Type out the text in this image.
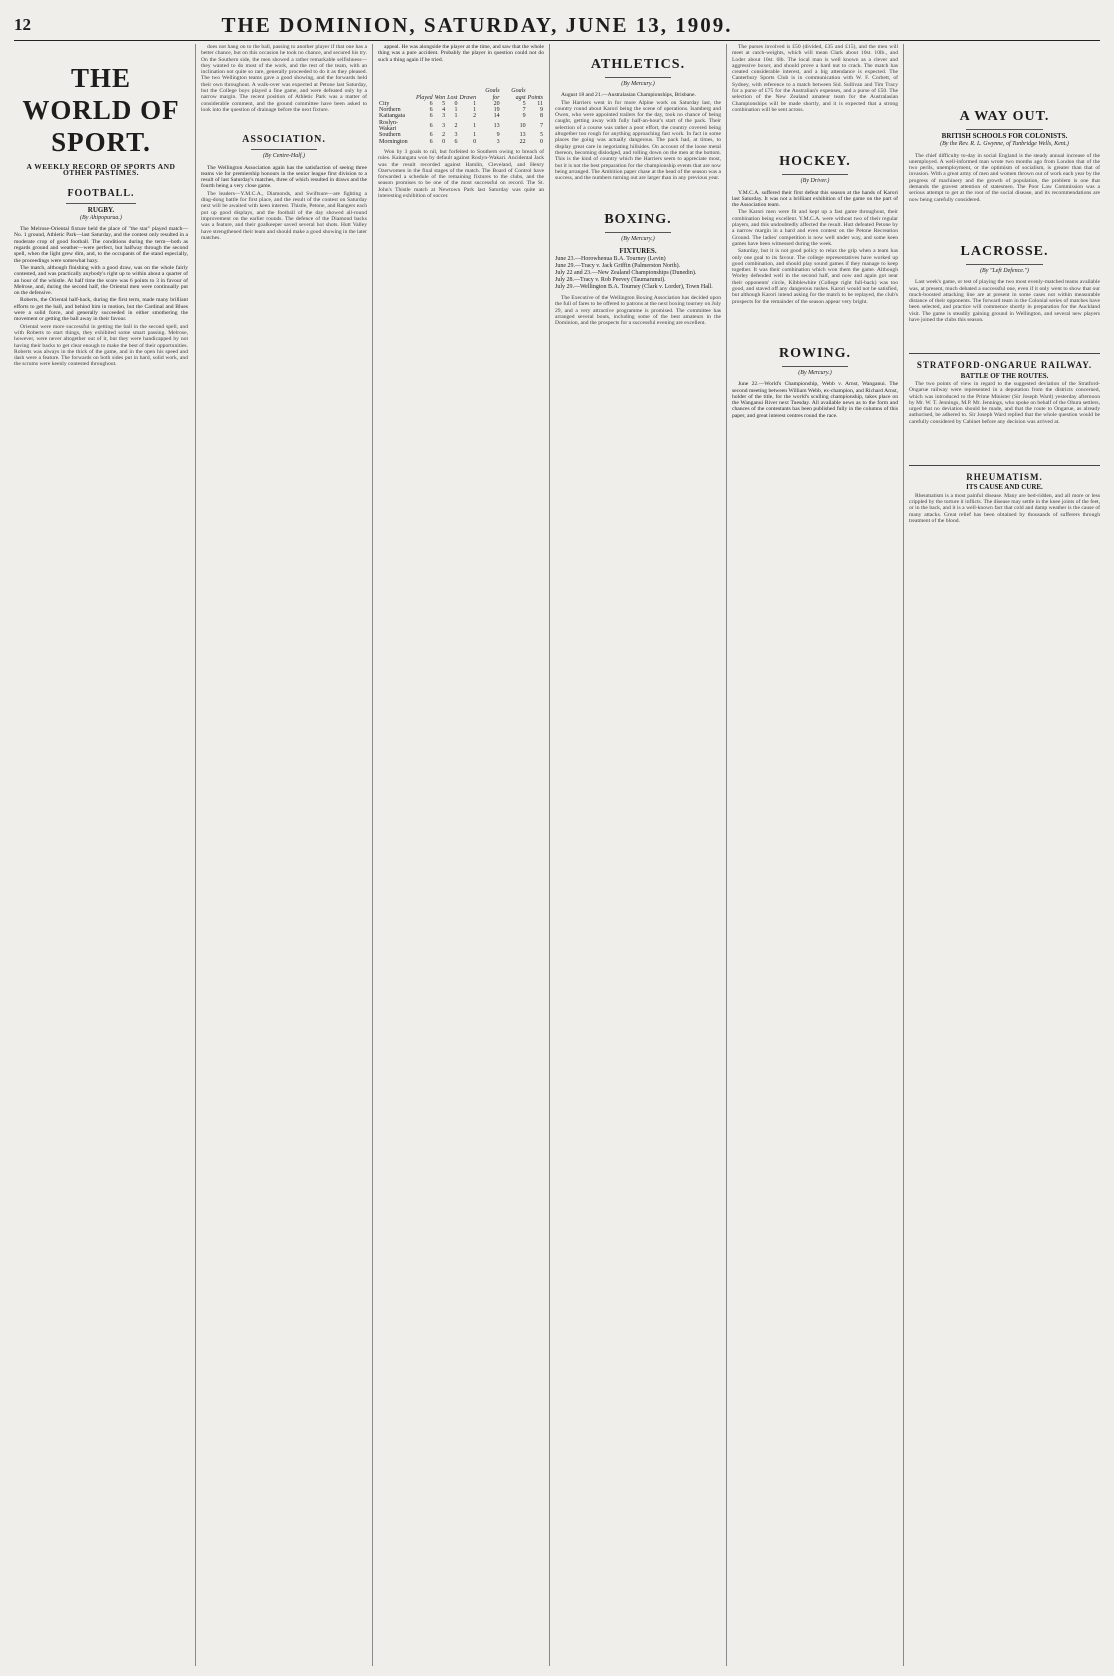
12	THE DOMINION, SATURDAY, JUNE 13, 1909.
THE WORLD OF SPORT.
A WEEKLY RECORD OF SPORTS AND OTHER PASTIMES.
FOOTBALL.
RUGBY.
(By Ahipopurua.)

The Melrose-Oriental fixture held the place of "the star" played match—No. 1 ground, Athletic Park—last Saturday, and the contest only resulted in a moderate crop of good football. The conditions during the term—both as regards ground and weather—were perfect, but halfway through the second spell, when the light grew dim, and, to the occupants of the stand especially, the proceedings were somewhat hazy.

The match, although finishing with a good draw, was on the whole fairly contested, and was practically anybody's right up to within about a quarter of an hour of the whistle. At half time the score was 6 points to 3 in favour of Melrose, and, during the second half, the Oriental men were continually put on the defensive.

Roberts, the Oriental half-back, during the first term, made many brilliant efforts to get the ball, and behind him in motion, but the Cardinal and Blues were a solid force, and generally succeeded in either smothering the movement or getting the ball away in their favour.

Oriental were more successful in getting the ball in the second spell, and with Roberts to start things, they exhibited some smart passing. Melrose, however, were never altogether out of it, but they were handicapped by not having their backs to get clear enough to make the best of their opportunities. Roberts was always in the thick of the game, and in the open his speed and dash were a feature. The forwards on both sides put in hard, solid work, and the scrums were keenly contested throughout.

does not hang on to the ball, passing to another player if that one has a better chance, but on this occasion he took no chance, and secured his try. On the Southern side, the men showed a rather remarkable selfishness—they wanted to do most of the work, and the rest of the team, with an inclination not quite so rare, generally proceeded to do it as they pleased. The two Wellington teams gave a good showing, and the forwards held their own throughout. A walk-over was expected at Petone last Saturday, but the College boys played a fine game, and were defeated only by a narrow margin. The recent position of Athletic Park was a matter of considerable comment, and the ground committee have been asked to look into the question of drainage before the next fixture.

ASSOCIATION.
(By Centre-Half.)

The Wellington Association again has the satisfaction of seeing three teams vie for premiership honours in the senior league first division to a result of last Saturday's matches, three of which resulted in draws and the fourth being a very close game.

The leaders—Y.M.C.A., Diamonds, and Swiftsure—are fighting a ding-dong battle for first place, and the result of the contest on Saturday next will be awaited with keen interest. Thistle, Petone, and Rangers each put up good displays, and the football of the day showed all-round improvement on the earlier rounds. The defence of the Diamond backs was a feature, and their goalkeeper saved several hot shots. Hutt Valley have strengthened their team and should make a good showing in the later matches.

appeal. He was alongside the player at the time, and saw that the whole thing was a pure accident. Probably the player in question could not do such a thing again if he tried.

	Played	Won	Lost	Drawn	Goals for	Goals agst	Points
City	6	5	0	1	20	5	11
Northern	6	4	1	1	19	7	9
Kaitangata	6	3	1	2	14	9	8
Roslyn-Wakari	6	3	2	1	13	10	7
Southern	6	2	3	1	9	13	5
Mornington	6	0	6	0	3	22	0

Won by 3 goals to nil, but forfeited to Southern owing to breach of rules. Kaitangata won by default against Roslyn-Wakari. Ancidental Jack was the result recorded against Hamlin, Cleveland, and Henry Ozerwomen in the final stages of the match. The Board of Control have forwarded a schedule of the remaining fixtures to the clubs, and the season promises to be one of the most successful on record. The St. John's Thistle match at Newtown Park last Saturday was quite an interesting exhibition of soccer.

ATHLETICS.
(By Mercury.)

August 18 and 21.—Australasian Championships, Brisbane.

The Harriers went in for more Alpine work on Saturday last, the country round about Karori being the scene of operations. Isamberg and Owen, who were appointed trailers for the day, took no chance of being caught, getting away with fully half-an-hour's start of the pack. Their selection of a course was rather a poor effort, the country covered being altogether too rough for anything approaching fast work. In fact in some places the going was actually dangerous. The pack had, at times, to display great care in negotiating hillsides. On account of the loose metal thereon, becoming dislodged, and rolling down on the men at the bottom. This is the kind of country which the Harriers seem to appreciate most, but it is not the best preparation for the championship events that are now being arranged. The Ambition paper chase at the head of the season was a success, and the numbers turning out are larger than in any previous year.

BOXING.
(By Mercury.)
FIXTURES.
June 23.—Horowhenua B.A. Tourney (Levin)
June 29.—Tracy v. Jack Griffin (Palmerston North).
July 22 and 23.—New Zealand Championships (Dunedin).
July 28.—Tracy v. Rob Peevey (Taumarunui).
July 29.—Wellington B.A. Tourney (Clark v. Lorder), Town Hall.

The Executive of the Wellington Boxing Association has decided upon the full of fares to be offered to patrons at the next boxing tourney on July 29, and a very attractive programme is promised. The committee has arranged several bouts, including some of the best amateurs in the Dominion, and the prospects for a successful evening are excellent.

The purses involved is £50 (divided, £35 and £15), and the men will meet at catch-weights, which will mean Clark about 10st. 10lb., and Loder about 10st. 6lb. The local man is well known as a clever and aggressive boxer, and should prove a hard nut to crack. The match has created considerable interest, and a big attendance is expected. The Canterbury Sports Club is in communication with W. F. Corbett, of Sydney, with reference to a match between Sid. Sullivan and Tim Tracy for a purse of £75 for the Australian's expenses, and a purse of £50. The selection of the New Zealand amateur team for the Australasian Championships will be made shortly, and it is expected that a strong combination will be sent across.

HOCKEY.
(By Driver.)

Y.M.C.A. suffered their first defeat this season at the hands of Karori last Saturday. It was not a brilliant exhibition of the game on the part of the Association team.

The Karori men were fit and kept up a fast game throughout, their combination being excellent. Y.M.C.A. were without two of their regular players, and this undoubtedly affected the result. Hutt defeated Petone by a narrow margin in a hard and even contest on the Petone Recreation Ground. The ladies' competition is now well under way, and some keen games have been witnessed during the week.

Saturday, but it is not good policy to relax the grip when a team has only one goal to its favour. The college representatives have worked up good combination, and should play sound games if they manage to keep together. It was their combination which won them the game. Although Worley defended well in the second half, and now and again got near their opponents' circle, Kibblewhite (College right full-back) was too good, and staved off any dangerous rushes. Karori would not be satisfied, but although Karori intend asking for the match to be replayed, the club's prospects for the remainder of the season appear very bright.

ROWING.
(By Mercury.)

June 22.—World's Championship, Webb v. Arnst, Wanganui. The second meeting between William Webb, ex-champion, and Richard Arnst, holder of the title, for the world's sculling championship, takes place on the Wanganui River next Tuesday. All available news as to the form and chances of the contestants has been published fully in the columns of this paper, and great interest centres round the race.

A WAY OUT.
BRITISH SCHOOLS FOR COLONISTS.
(By the Rev. R. L. Gwynne, of Tunbridge Wells, Kent.)

The chief difficulty to-day in social England is the steady annual increase of the unemployed. A well-informed man wrote two months ago from London that of the two perils, unemployment, or the optimism of socialism, is greater than that of invasion. With a great army of men and women thrown out of work each year by the progress of machinery and the growth of population, the problem is one that demands the gravest attention of statesmen. The Poor Law Commission was a serious attempt to get at the root of the social disease, and its recommendations are now being carefully considered.

LACROSSE.
(By "Left Defence.")

Last week's game, or test of playing the two most evenly-matched teams available was, at present, much debated a successful one, even if it only went to show that our much-boosted attacking line are at present in some cases not within measurable distance of their opponents. The forward team in the Colonial series of matches have been selected, and practice will commence shortly in preparation for the Auckland visit. The game is steadily gaining ground in Wellington, and several new players have joined the clubs this season.

STRATFORD-ONGARUE RAILWAY.
BATTLE OF THE ROUTES.

The two points of view in regard to the suggested deviation of the Stratford-Ongarue railway were represented in a deputation from the districts concerned, which was introduced to the Prime Minister (Sir Joseph Ward) yesterday afternoon by Mr. W. T. Jennings, M.P. Mr. Jennings, who spoke on behalf of the Ohura settlers, urged that no deviation should be made, and that the route to Ongarue, as already authorised, be adhered to. Sir Joseph Ward replied that the whole question would be carefully considered by Cabinet before any decision was arrived at.

RHEUMATISM.
ITS CAUSE AND CURE.

Rheumatism is a most painful disease. Many are bed-ridden, and all more or less crippled by the torture it inflicts. The disease may settle in the knee joints of the feet, or in the back, and it is a well-known fact that cold and damp weather is the cause of many attacks. Great relief has been obtained by thousands of sufferers through treatment of the blood.
